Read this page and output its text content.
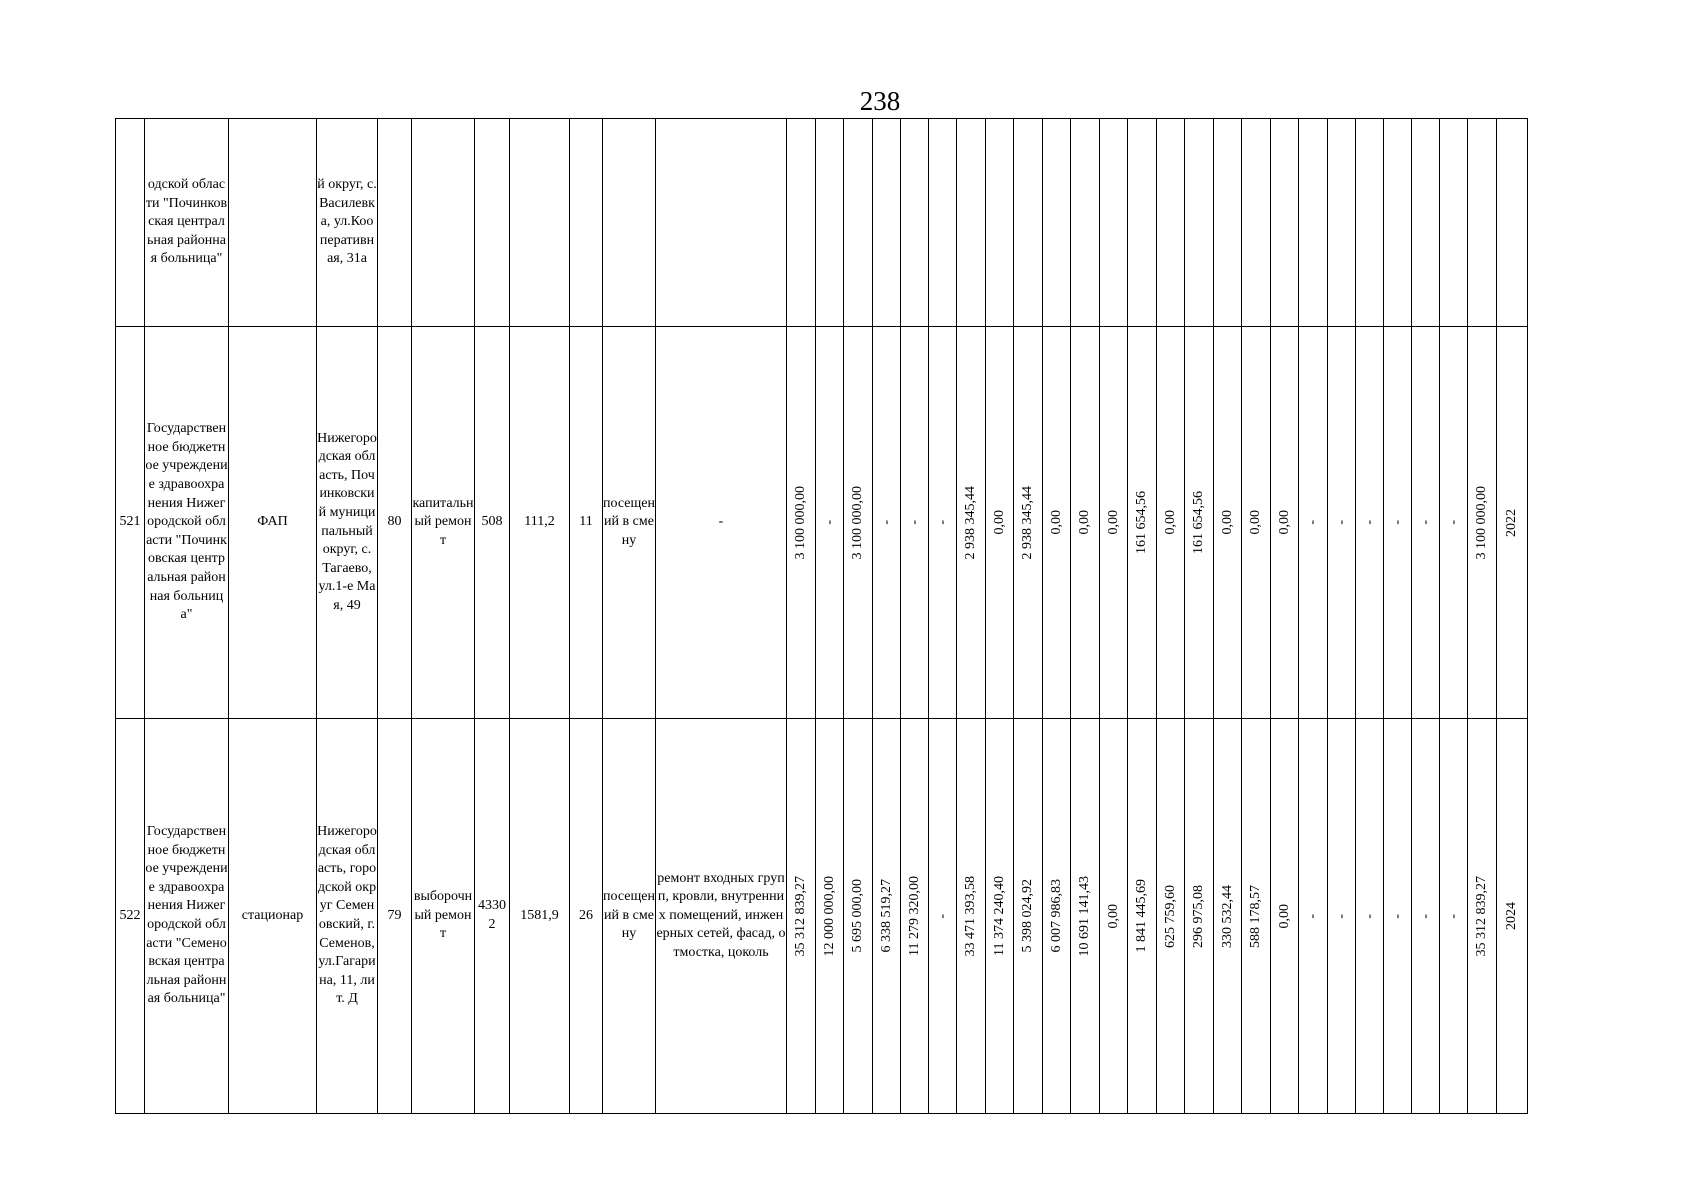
238

	одской области "Починковская центральная районная больница"		й округ, с. Василевка, ул.Кооперативная, 31а																																	

521	Государственное бюджетное учреждение здравоохранения Нижегородской области "Починковская центральная районная больница"	ФАП	Нижегородская область, Починковский муниципальный округ, с. Тагаево, ул.1-е Мая, 49	80	капитальный ремонт	508	111,2	11	посещений в смену	-	3 100 000,00	-	3 100 000,00	-	-	-	2 938 345,44	0,00	2 938 345,44	0,00	0,00	0,00	161 654,56	0,00	161 654,56	0,00	0,00	0,00	-	-	-	-	-	-	3 100 000,00	2022

522	Государственное бюджетное учреждение здравоохранения Нижегородской области "Семеновская центральная районная больница"	стационар	Нижегородская область, городской округ Семеновский, г. Семенов, ул.Гагарина, 11, лит. Д	79	выборочный ремонт	43302	1581,9	26	посещений в смену	ремонт входных групп, кровли, внутренних помещений, инженерных сетей, фасад, отмостка, цоколь	35 312 839,27	12 000 000,00	5 695 000,00	6 338 519,27	11 279 320,00	-	33 471 393,58	11 374 240,40	5 398 024,92	6 007 986,83	10 691 141,43	0,00	1 841 445,69	625 759,60	296 975,08	330 532,44	588 178,57	0,00	-	-	-	-	-	-	35 312 839,27	2024
